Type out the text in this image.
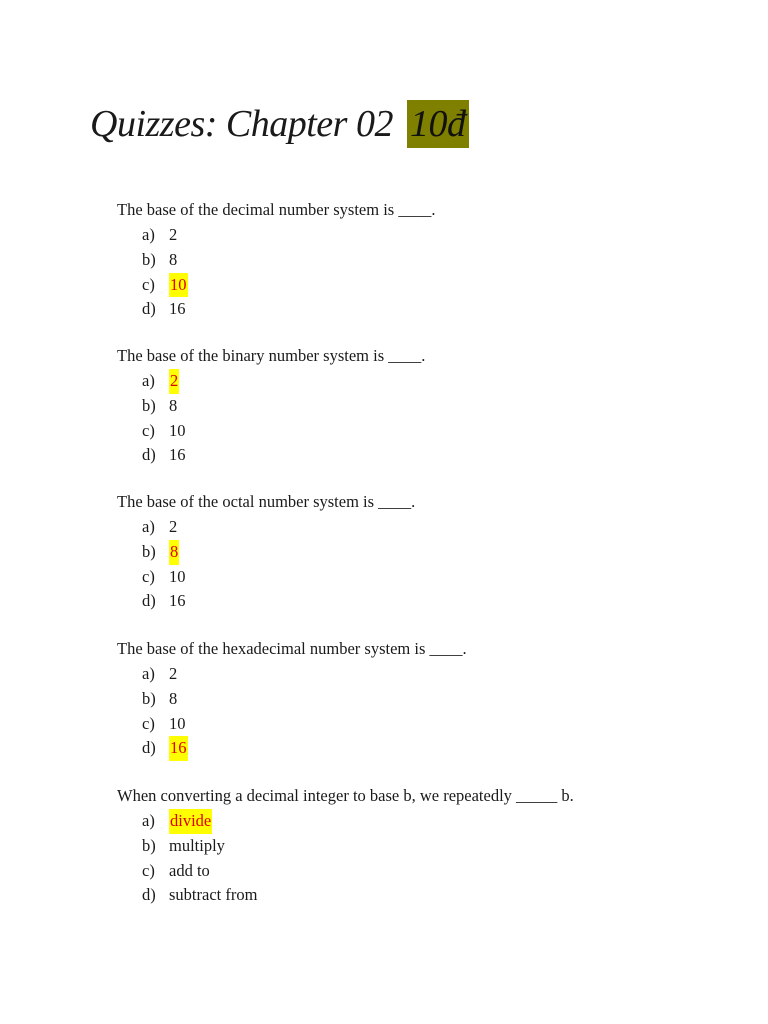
Quizzes: Chapter 02 10đ
The base of the decimal number system is ____.
a) 2
b) 8
c) 10
d) 16
The base of the binary number system is ____.
a) 2
b) 8
c) 10
d) 16
The base of the octal number system is ____.
a) 2
b) 8
c) 10
d) 16
The base of the hexadecimal number system is ____.
a) 2
b) 8
c) 10
d) 16
When converting a decimal integer to base b, we repeatedly _____ b.
a) divide
b) multiply
c) add to
d) subtract from
